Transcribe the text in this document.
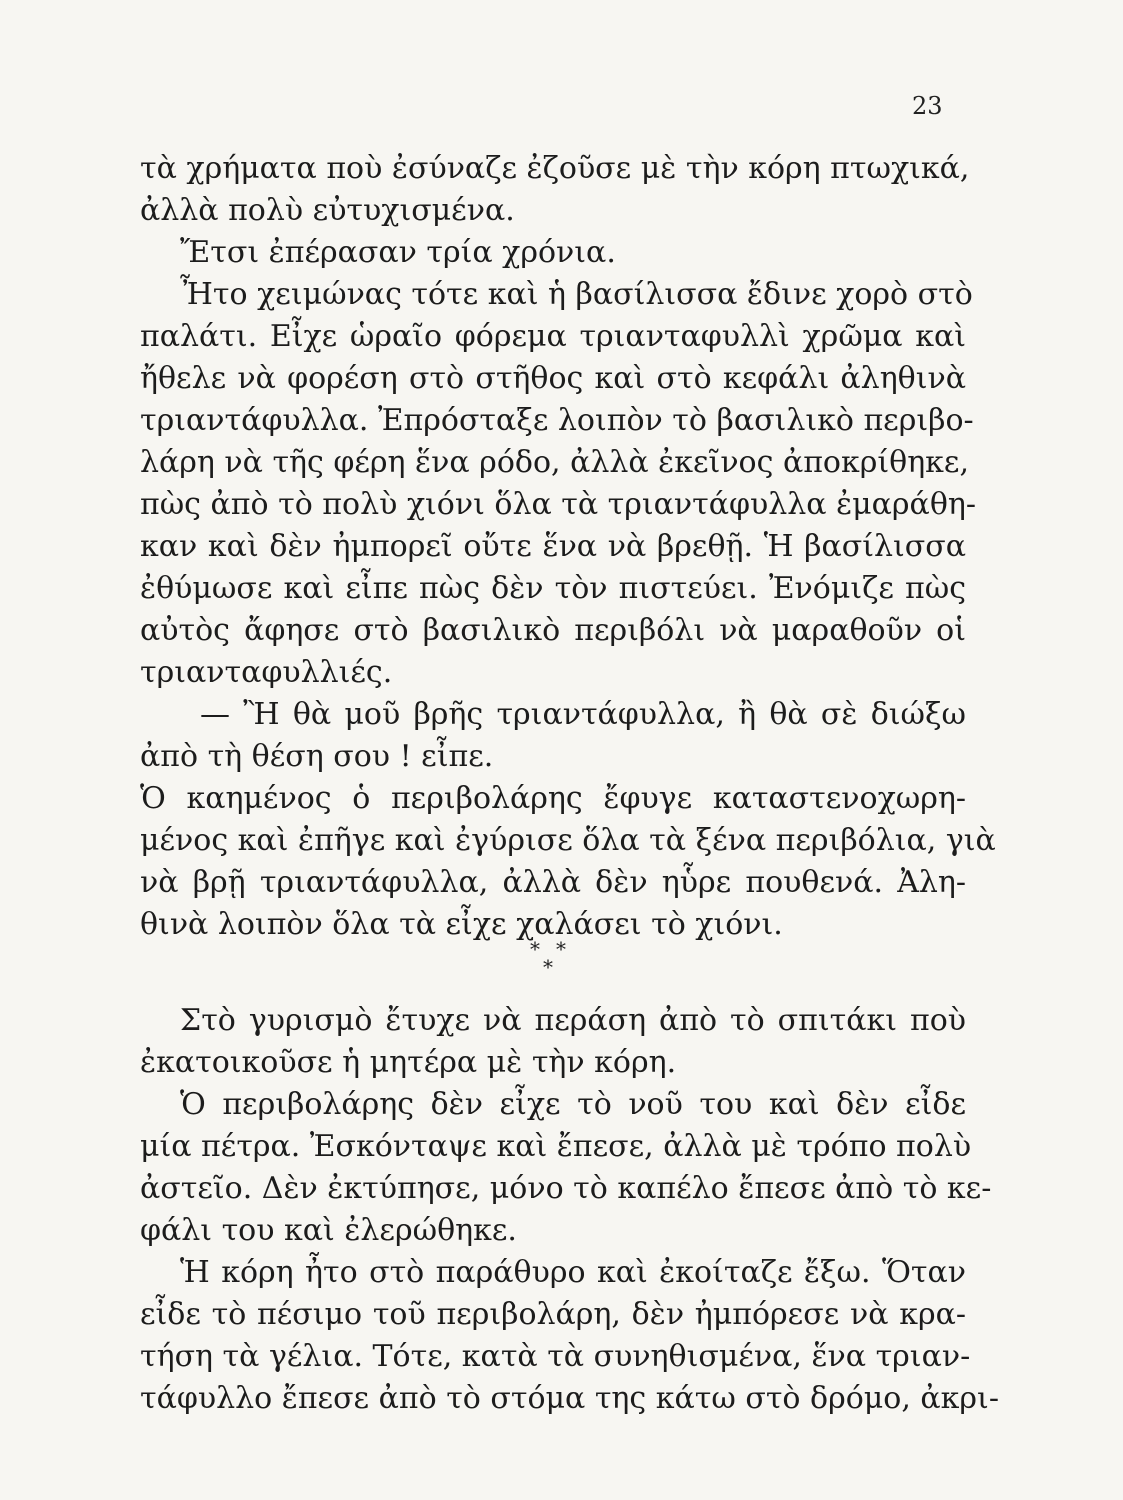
23
τὰ χρήματα ποὺ ἐσύναζε ἐζοῦσε μὲ τὴν κόρη πτωχικά,
ἀλλὰ πολὺ εὐτυχισμένα.
Ἔτσι ἐπέρασαν τρία χρόνια.
Ἦτο χειμώνας τότε καὶ ἡ βασίλισσα ἔδινε χορὸ στὸ
παλάτι. Εἶχε ὡραῖο φόρεμα τριανταφυλλὶ χρῶμα καὶ
ἤθελε νὰ φορέση στὸ στῆθος καὶ στὸ κεφάλι ἀληθινὰ
τριαντάφυλλα. Ἐπρόσταξε λοιπὸν τὸ βασιλικὸ περιβο-
λάρη νὰ τῆς φέρη ἕνα ρόδο, ἀλλὰ ἐκεῖνος ἀποκρίθηκε,
πὼς ἀπὸ τὸ πολὺ χιόνι ὅλα τὰ τριαντάφυλλα ἐμαράθη-
καν καὶ δὲν ἠμπορεῖ οὔτε ἕνα νὰ βρεθῇ. Ἡ βασίλισσα
ἐθύμωσε καὶ εἶπε πὼς δὲν τὸν πιστεύει. Ἐνόμιζε πὼς
αὐτὸς ἄφησε στὸ βασιλικὸ περιβόλι νὰ μαραθοῦν οἱ
τριανταφυλλιές.
— Ἢ θὰ μοῦ βρῆς τριαντάφυλλα, ἢ θὰ σὲ διώξω
ἀπὸ τὴ θέση σου ! εἶπε.
Ὁ καημένος ὁ περιβολάρης ἔφυγε καταστενοχωρη-
μένος καὶ ἐπῆγε καὶ ἐγύρισε ὅλα τὰ ξένα περιβόλια, γιὰ
νὰ βρῇ τριαντάφυλλα, ἀλλὰ δὲν ηὗρε πουθενά. Ἀλη-
θινὰ λοιπὸν ὅλα τὰ εἶχε χαλάσει τὸ χιόνι.
* *
*
Στὸ γυρισμὸ ἔτυχε νὰ περάση ἀπὸ τὸ σπιτάκι ποὺ
ἐκατοικοῦσε ἡ μητέρα μὲ τὴν κόρη.
Ὁ περιβολάρης δὲν εἶχε τὸ νοῦ του καὶ δὲν εἶδε
μία πέτρα. Ἐσκόνταψε καὶ ἔπεσε, ἀλλὰ μὲ τρόπο πολὺ
ἀστεῖο. Δὲν ἐκτύπησε, μόνο τὸ καπέλο ἔπεσε ἀπὸ τὸ κε-
φάλι του καὶ ἐλερώθηκε.
Ἡ κόρη ἦτο στὸ παράθυρο καὶ ἐκοίταζε ἔξω. Ὅταν
εἶδε τὸ πέσιμο τοῦ περιβολάρη, δὲν ἠμπόρεσε νὰ κρα-
τήση τὰ γέλια. Τότε, κατὰ τὰ συνηθισμένα, ἕνα τριαν-
τάφυλλο ἔπεσε ἀπὸ τὸ στόμα της κάτω στὸ δρόμο, ἀκρι-
